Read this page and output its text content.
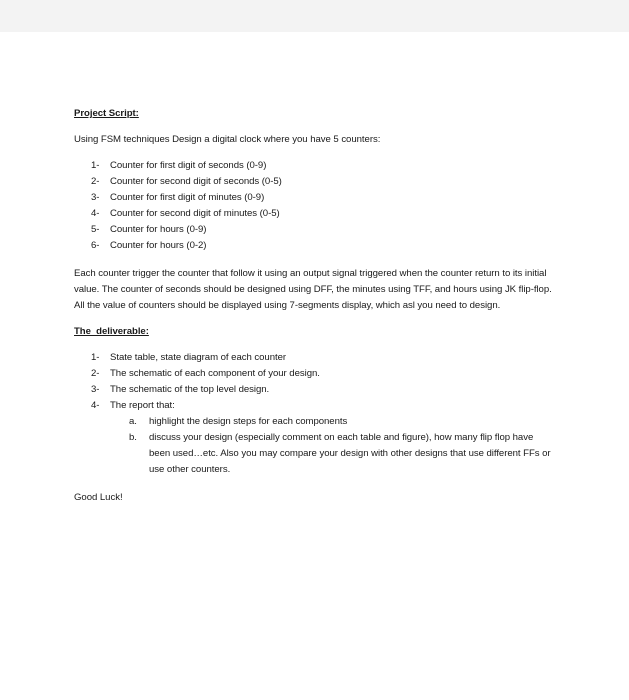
Project Script:

Using FSM techniques Design a digital clock where you have 5 counters:

1-	Counter for first digit of seconds (0-9)
2-	Counter for second digit of seconds (0-5)
3-	Counter for first digit of minutes (0-9)
4-	Counter for second digit of minutes (0-5)
5-	Counter for hours (0-9)
6-	Counter for hours (0-2)

Each counter trigger the counter that follow it using an output signal triggered when the counter return to its initial value. The counter of seconds should be designed using DFF, the minutes using TFF, and hours using JK flip-flop. All the value of counters should be displayed using 7-segments display, which asl you need to design.

The  deliverable:

1-	State table, state diagram of each counter
2-	The schematic of each component of your design.
3-	The schematic of the top level design.
4-	The report that:
a.	highlight the design steps for each components
b.	discuss your design (especially comment on each table and figure), how many flip flop have been used…etc. Also you may compare your design with other designs that use different FFs or use other counters.

Good Luck!
